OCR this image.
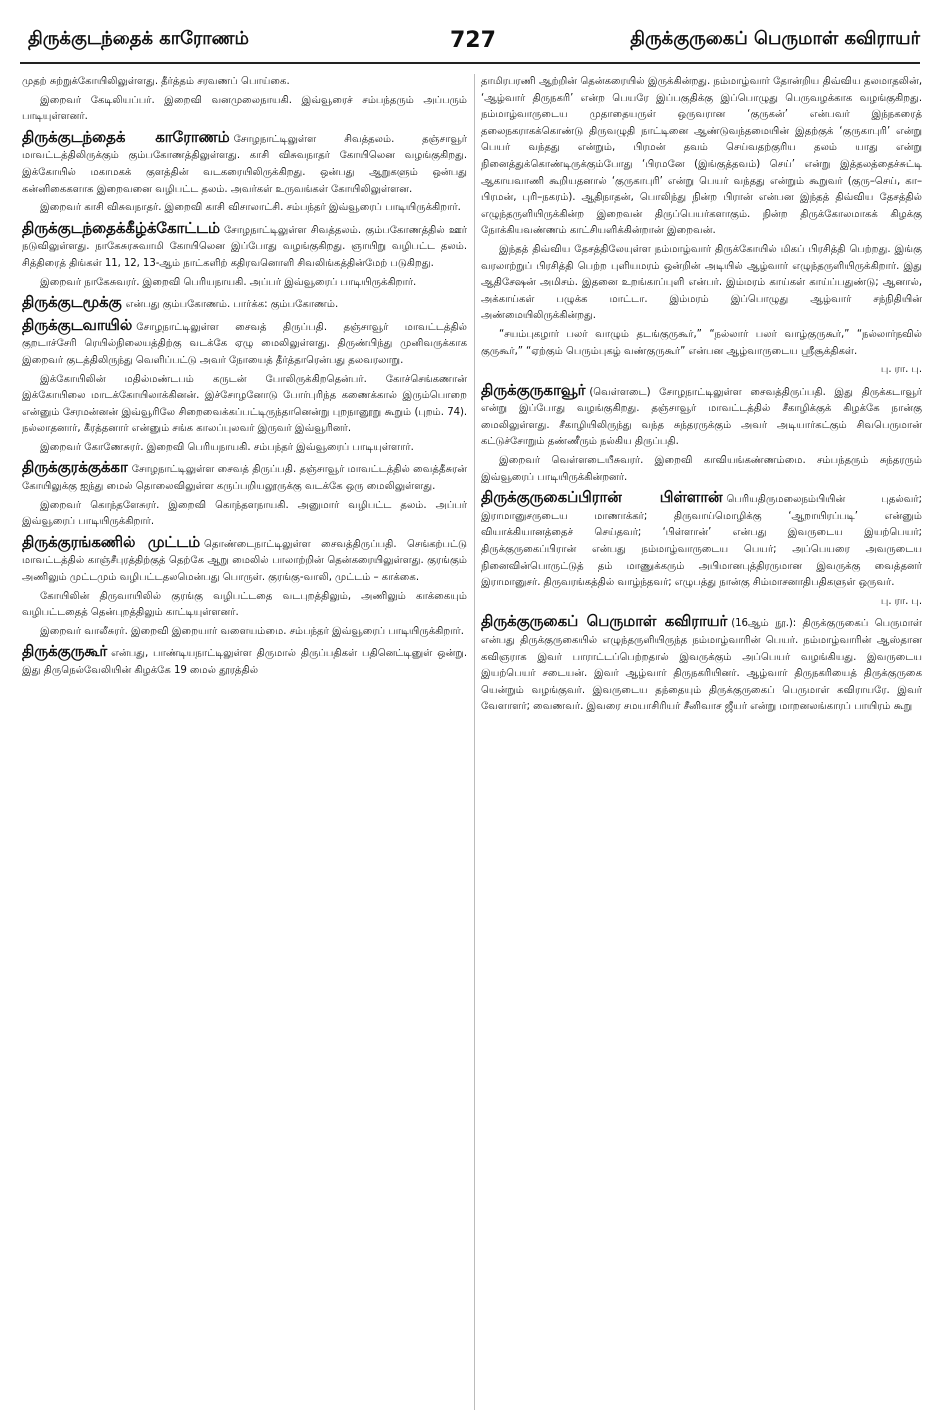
திருக்குடந்தைக் காரோணம்	727	திருக்குருகைப் பெருமாள் கவிராயர்

முதற் சுற்றுக்கோயிலிலுள்ளது. தீர்த்தம் சரவணப் பொய்கை.

இறைவர் கேடிலியப்பர். இறைவி வனமுலைநாயகி. இவ்வூரைச் சம்பந்தரும் அப்பரும் பாடியுள்ளனர்.

திருக்குடந்தைக் காரோணம் சோழநாட்டிலுள்ள சிவத்தலம். தஞ்சாவூர் மாவட்டத்திலிருக்கும் கும்பகோணத்திலுள்ளது. காசி விசுவநாதர் கோயிலென வழங்குகிறது. இக்கோயில் மகாமகக் குளத்தின் வடகரையிலிருக்கிறது. ஒன்பது ஆறுகளும் ஒன்பது கன்னிகைகளாக இறைவனை வழிபட்ட தலம். அவர்கள் உருவங்கள் கோயிலிலுள்ளன.

இறைவர் காசி விசுவநாதர். இறைவி காசி விசாலாட்சி. சம்பந்தர் இவ்வூரைப் பாடியிருக்கிறார்.

திருக்குடந்தைக்கீழ்க்கோட்டம் சோழநாட்டிலுள்ள சிவத்தலம். கும்பகோணத்தில் ஊர் நடுவிலுள்ளது. நாகேசுரசுவாமி கோயிலென இப்போது வழங்குகிறது. ஞாயிறு வழிபட்ட தலம். சித்திரைத் திங்கள் 11, 12, 13-ஆம் நாட்களிற் கதிரவனொளி சிவலிங்கத்தின்மேற் படுகிறது.

இறைவர் நாகேசுவரர். இறைவி பெரியநாயகி. அப்பர் இவ்வூரைப் பாடியிருக்கிறார்.

திருக்குடமூக்கு என்பது கும்பகோணம். பார்க்க: கும்பகோணம்.

திருக்குடவாயில் சோழநாட்டிலுள்ள சைவத் திருப்பதி. தஞ்சாவூர் மாவட்டத்தில் குறடாச்சேரி ரெயில்நிலையத்திற்கு வடக்கே ஏழு மைலிலுள்ளது. திருண்பிந்து முனிவருக்காக இறைவர் குடத்திலிருந்து வெளிப்பட்டு அவர் நோயைத் தீர்த்தாரென்பது தலவரலாறு.

இக்கோயிலின் மதில்மண்டபம் கருடன் போலிருக்கிறதென்பர். கோச்செங்கணான் இக்கோயிலை மாடக்கோயிலாக்கினன். இச்சோழனோடு போர்புரிந்த கணைக்கால் இரும்பொறை என்னும் சேரமன்னன் இவ்வூரிலே சிறைவைக்கப்பட்டிருந்தானென்று புறநானூறு கூறும் (புறம். 74). நல்லாதனார், கீரத்தனார் என்னும் சங்க காலப்புலவர் இருவர் இவ்வூரினர்.

இறைவர் கோணேசுரர். இறைவி பெரியநாயகி. சம்பந்தர் இவ்வூரைப் பாடியுள்ளார்.

திருக்குரக்குக்கா சோழநாட்டிலுள்ள சைவத் திருப்பதி. தஞ்சாவூர் மாவட்டத்தில் வைத்தீசுரன் கோயிலுக்கு ஐந்து மைல் தொலைவிலுள்ள கருப்பறியலூருக்கு வடக்கே ஒரு மைலிலுள்ளது.

இறைவர் கொந்தளேசுரர். இறைவி கொந்தளநாயகி. அனுமார் வழிபட்ட தலம். அப்பர் இவ்வூரைப் பாடியிருக்கிறார்.

திருக்குரங்கணில் முட்டம் தொண்டைநாட்டிலுள்ள சைவத்திருப்பதி. செங்கற்பட்டு மாவட்டத்தில் காஞ்சீபுரத்திற்குத் தெற்கே ஆறு மைலில் பாலாற்றின் தென்கரையிலுள்ளது. குரங்கும் அணிலும் முட்டமும் வழிபட்டதலமென்பது பொருள். குரங்கு-வாலி, முட்டம் – காக்கை.

கோயிலின் திருவாயிலில் குரங்கு வழிபட்டதை வடபுறத்திலும், அணிலும் காக்கையும் வழிபட்டதைத் தென்புறத்திலும் காட்டியுள்ளனர்.

இறைவர் வாலீசுரர். இறைவி இறையார் வளையம்மை. சம்பந்தர் இவ்வூரைப் பாடியிருக்கிறார்.

திருக்குருகூர் என்பது, பாண்டியநாட்டிலுள்ள திருமால் திருப்பதிகள் பதினெட்டினுள் ஒன்று. இது திருநெல்வேலியின் கிழக்கே 19 மைல் தூரத்தில்

தாமிரபரணி ஆற்றின் தென்கரையில் இருக்கின்றது. நம்மாழ்வார் தோன்றிய திவ்விய தலமாதலின், ‘ஆழ்வார் திருநகரி’ என்ற பெயரே இப்பகுதிக்கு இப்பொழுது பெருவழக்காக வழங்குகிறது. நம்மாழ்வாருடைய முதாதையருள் ஒருவரான ‘குருகன்’ என்பவர் இந்நகரைத் தலைநகராகக்கொண்டு திருவழுதி நாட்டினை ஆண்டுவந்தமையின் இதற்குக் ‘குருகாபுரி’ என்று பெயர் வந்தது என்றும், பிரமன் தவம் செய்வதற்குரிய தலம் யாது என்று நினைத்துக்கொண்டிருக்கும்போது ‘பிரமனே (இங்குத்தவம்) செய்’ என்று இத்தலத்தைச்சுட்டி ஆகாயவாணி கூறியதனால் ‘குருகாபுரி’ என்று பெயர் வந்தது என்றும் கூறுவர் (குரு–செய், கா–பிரமன், புரி–நகரம்). ஆதிநாதன், பொலிந்து நின்ற பிரான் என்பன இந்தத் திவ்விய தேசத்தில் எழுந்தருளியிருக்கின்ற இறைவன் திருப்பெயர்களாகும். நின்ற திருக்கோலமாகக் கிழக்கு நோக்கியவண்ணம் காட்சியளிக்கின்றான் இறைவன்.

இந்தத் திவ்விய தேசத்திலேயுள்ள நம்மாழ்வார் திருக்கோயில் மிகப் பிரசித்தி பெற்றது. இங்கு வரலாற்றுப் பிரசித்தி பெற்ற புளியமரம் ஒன்றின் அடியில் ஆழ்வார் எழுந்தருளியிருக்கிறார். இது ஆதிசேஷன் அமிசம். இதனை உறங்காப்புளி என்பர். இம்மரம் காய்கள் காய்ப்பதுண்டு; ஆனால், அக்காய்கள் பழுக்க மாட்டா. இம்மரம் இப்பொழுது ஆழ்வார் சந்நிதியின் அண்மையிலிருக்கின்றது.

“சயம்புகழார் பலர் வாழும் தடங்குருகூர்,” “நல்லார் பலர் வாழ்குருகூர்,” “நல்லார்நவில் குருகூர்,” “ஏற்கும் பெரும்புகழ் வண்குருகூர்” என்பன ஆழ்வாருடைய ஸ்ரீசூக்திகள்.

பு. ரா. பு.

திருக்குருகாவூர் (வெள்ளடை) சோழநாட்டிலுள்ள சைவத்திருப்பதி. இது திருக்கடாவூர் என்று இப்போது வழங்குகிறது. தஞ்சாவூர் மாவட்டத்தில் சீகாழிக்குக் கிழக்கே நான்கு மைலிலுள்ளது. சீகாழியிலிருந்து வந்த சுந்தரருக்கும் அவர் அடியார்கட்கும் சிவபெருமான் கட்டுச்சோறும் தண்ணீரும் நல்கிய திருப்பதி.

இறைவர் வெள்ளடையீசுவரர். இறைவி காவியங்கண்ணம்மை. சம்பந்தரும் சுந்தரரும் இவ்வூரைப் பாடியிருக்கின்றனர்.

திருக்குருகைப்பிரான் பிள்ளான் பெரியதிருமலைநம்பியின் புதல்வர்; இராமானுசருடைய மாணாக்கர்; திருவாய்மொழிக்கு ‘ஆறாயிரப்படி’ என்னும் வியாக்கியானத்தைச் செய்தவர்; ‘பிள்ளான்’ என்பது இவருடைய இயற்பெயர்; திருக்குருகைப்பிரான் என்பது நம்மாழ்வாருடைய பெயர்; அப்பெயரை அவருடைய நினைவின்பொருட்டுத் தம் மாணுக்கரும் அபிமானபுத்திரருமான இவருக்கு வைத்தனர் இராமானுசர். திருவரங்கத்தில் வாழ்ந்தவர்; எழுபத்து நான்கு சிம்மாசனாதிபதிகளுள் ஒருவர்.

பு. ரா. பு.

திருக்குருகைப் பெருமாள் கவிராயர் (16ஆம் நூ.): திருக்குருகைப் பெருமாள் என்பது திருக்குருகையில் எழுந்தருளியிருந்த நம்மாழ்வாரின் பெயர். நம்மாழ்வாரின் ஆஸ்தான கவிஞராக இவர் பாராட்டப்பெற்றதால் இவருக்கும் அப்பெயர் வழங்கியது. இவருடைய இயற்பெயர் சடையன். இவர் ஆழ்வார் திருநகரியினர். ஆழ்வார் திருநகரியைத் திருக்குருகை யென்றும் வழங்குவர். இவருடைய தந்தையும் திருக்குருகைப் பெருமாள் கவிராயரே. இவர் வேளாளர்; வைணவர். இவரை சமயாசிரியர் சீனிவாச ஜீயர் என்று மாறனலங்காரப் பாயிரம் கூறு
